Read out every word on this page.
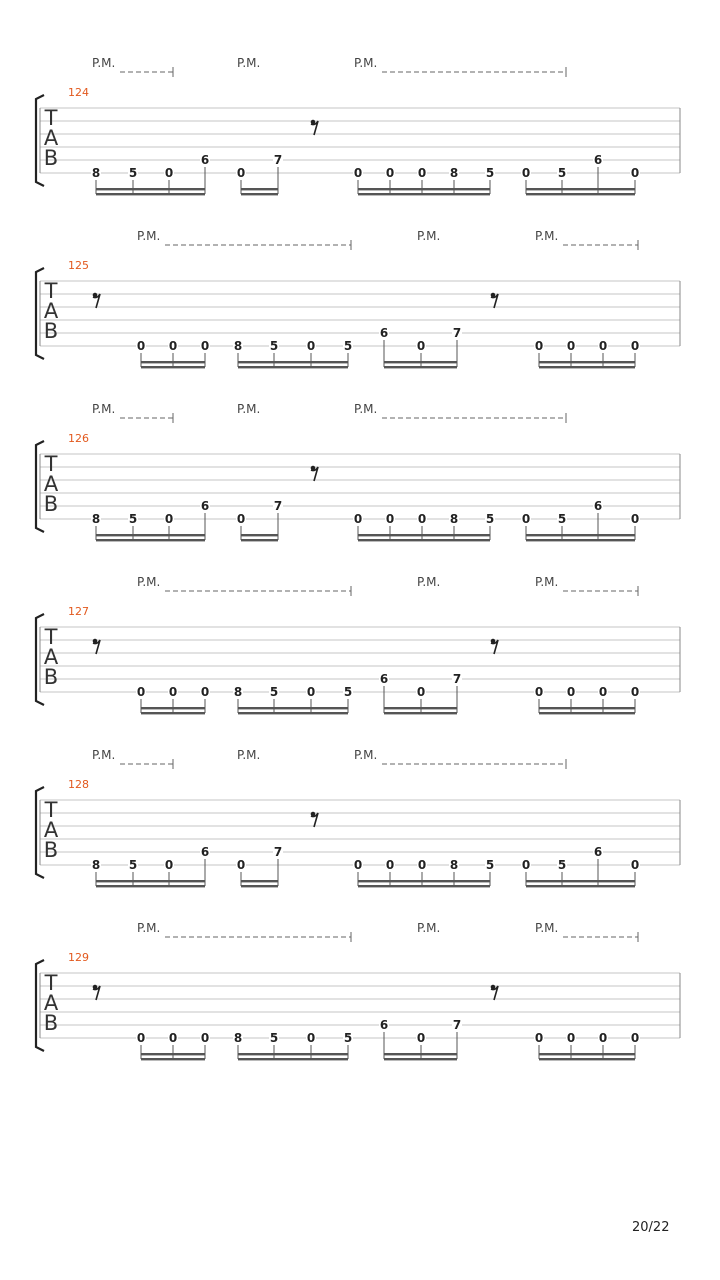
P.M.	P.M.	P.M.
124
T
A
B
8 5 0
6
0
7
0 0 0 8 5 0 5
6
0
P.M.	P.M.	P.M.
125
T
A
B
0 0 0 8 5 0 5
6
0
7
0 0 0 0
P.M.	P.M.	P.M.
126
T
A
B
8 5 0
6
0
7
0 0 0 8 5 0 5
6
0
P.M.	P.M.	P.M.
127
T
A
B
0 0 0 8 5 0 5
6
0
7
0 0 0 0
P.M.	P.M.	P.M.
128
T
A
B
8 5 0
6
0
7
0 0 0 8 5 0 5
6
0
P.M.	P.M.	P.M.
129
T
A
B
0 0 0 8 5 0 5
6
0
7
0 0 0 0
20/22
